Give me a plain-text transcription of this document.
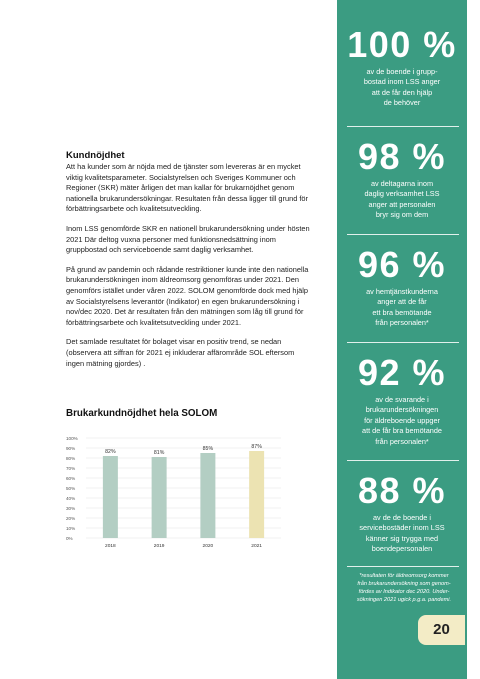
Kundnöjdhet

Att ha kunder som är nöjda med de tjänster som levereras är en mycket viktig kvalitetsparameter. Socialstyrelsen och Sveriges Kommuner och Regioner (SKR) mäter årligen det man kallar för brukarnöjdhet genom nationella brukarundersökningar. Resultaten från dessa ligger till grund för förbättringsarbete och kvalitetsutveckling.

Inom LSS genomförde SKR en nationell brukarundersökning under hösten 2021 Där deltog vuxna personer med funktionsnedsättning inom gruppbostad och serviceboende samt daglig verksamhet.

På grund av pandemin och rådande restriktioner kunde inte den nationella brukarundersökningen inom äldreomsorg genomföras under 2021. Den genomförs istället under våren 2022. SOLOM genomförde dock med hjälp av Socialstyrelsens leverantör (Indikator) en egen brukarundersökning i nov/dec 2020. Det är resultaten från den mätningen som låg till grund för förbättringsarbete och kvalitetsutveckling under 2021.

Det samlade resultatet för bolaget visar en positiv trend, se nedan (observera att siffran för 2021 ej inkluderar affärområde SOL eftersom ingen mätning gjordes) .

Brukarkundnöjdhet hela SOLOM
0%
10%
20%
30%
40%
50%
60%
70%
80%
90%
100%
82%
2018
81%
2019
85%
2020
87%
2021
100 %
av de boende i grupp-
bostad inom LSS anger
att de får den hjälp
de behöver
98 %
av deltagarna inom
daglig verksamhet LSS
anger att personalen
bryr sig om dem
96 %
av hemtjänstkunderna
anger att de får
ett bra bemötande
från personalen*
92 %
av de svarande i
brukarundersökningen
för äldreboende uppger
att de får bra bemötande
från personalen*
88 %
av de de boende i
servicebostäder inom LSS
känner sig trygga med
boendepersonalen
*resultaten för äldreomsorg kommer
från brukarundersökning som genom-
fördes av Indikator dec 2020. Under-
sökningen 2021 ugick p.g.a. pandemi.
20
